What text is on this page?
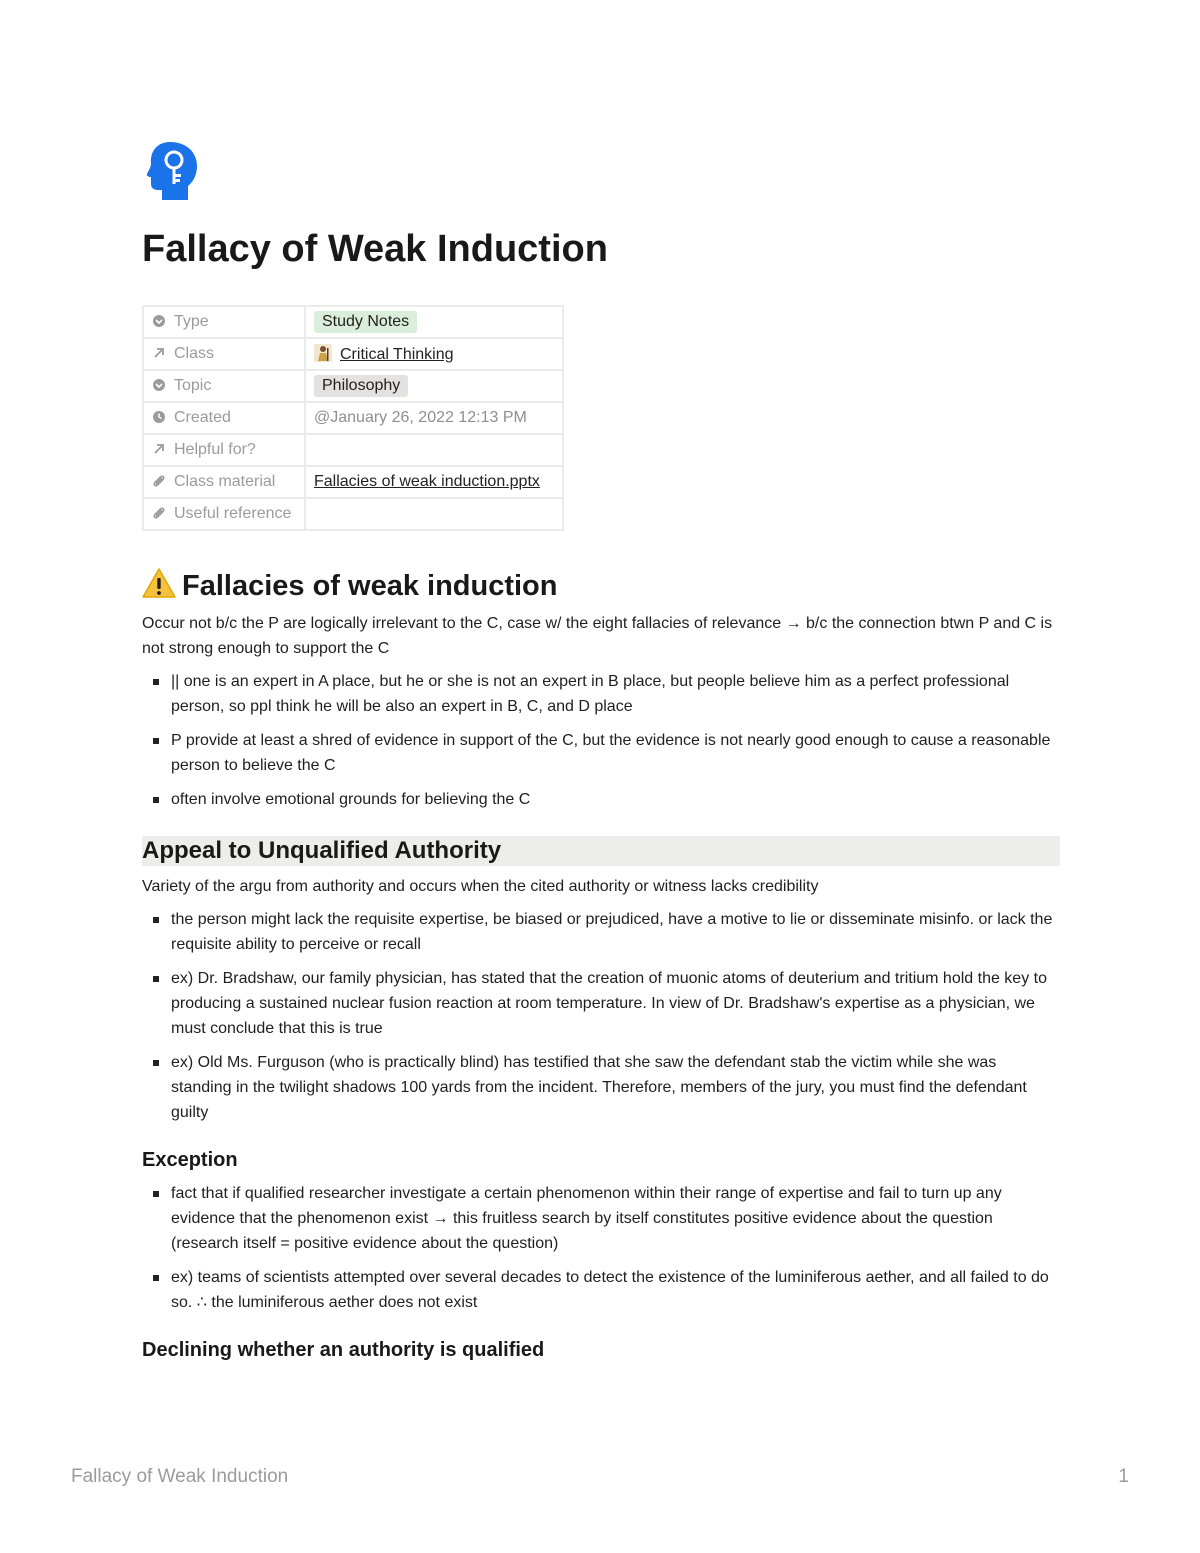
Fallacy of Weak Induction
Type	Study Notes
Class	Critical Thinking
Topic	Philosophy
Created	@January 26, 2022 12:13 PM
Helpful for?	
Class material	Fallacies of weak induction.pptx
Useful reference	
Fallacies of weak induction

Occur not b/c the P are logically irrelevant to the C, case w/ the eight fallacies of relevance → b/c the connection btwn P and C is not strong enough to support the C

|| one is an expert in A place, but he or she is not an expert in B place, but people believe him as a perfect professional person, so ppl think he will be also an expert in B, C, and D place
P provide at least a shred of evidence in support of the C, but the evidence is not nearly good enough to cause a reasonable person to believe the C
often involve emotional grounds for believing the C
Appeal to Unqualified Authority

Variety of the argu from authority and occurs when the cited authority or witness lacks credibility

the person might lack the requisite expertise, be biased or prejudiced, have a motive to lie or disseminate misinfo. or lack the requisite ability to perceive or recall
ex) Dr. Bradshaw, our family physician, has stated that the creation of muonic atoms of deuterium and tritium hold the key to producing a sustained nuclear fusion reaction at room temperature. In view of Dr. Bradshaw's expertise as a physician, we must conclude that this is true
ex) Old Ms. Furguson (who is practically blind) has testified that she saw the defendant stab the victim while she was standing in the twilight shadows 100 yards from the incident. Therefore, members of the jury, you must find the defendant guilty
Exception
fact that if qualified researcher investigate a certain phenomenon within their range of expertise and fail to turn up any evidence that the phenomenon exist → this fruitless search by itself constitutes positive evidence about the question (research itself = positive evidence about the question)
ex) teams of scientists attempted over several decades to detect the existence of the luminiferous aether, and all failed to do so. ∴ the luminiferous aether does not exist
Declining whether an authority is qualified
Fallacy of Weak Induction	1
